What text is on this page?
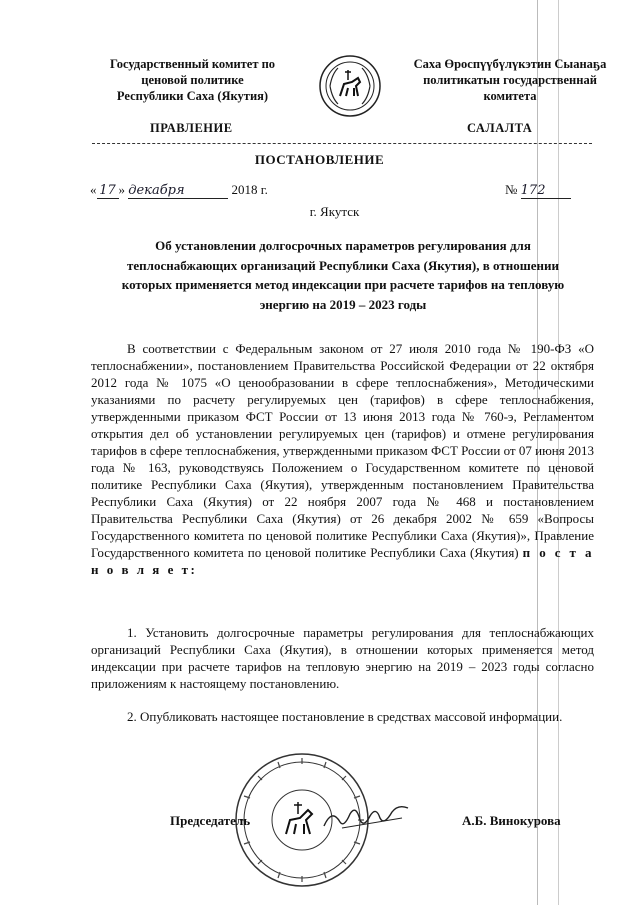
Государственный комитет по
ценовой политике
Республики Саха (Якутия)
Саха Өроспүүбүлүкэтин Сыанаҕа
политикатын государственнай
комитета
ПРАВЛЕНИЕ	САЛАЛТА
ПОСТАНОВЛЕНИЕ
« 17 » декабря	2018 г.	№ 172
г. Якутск
Об установлении долгосрочных параметров регулирования для теплоснабжающих организаций Республики Саха (Якутия), в отношении которых применяется метод индексации при расчете тарифов на тепловую энергию на 2019 – 2023 годы
В соответствии с Федеральным законом от 27 июля 2010 года № 190-ФЗ «О теплоснабжении», постановлением Правительства Российской Федерации от 22 октября 2012 года № 1075 «О ценообразовании в сфере теплоснабжения», Методическими указаниями по расчету регулируемых цен (тарифов) в сфере теплоснабжения, утвержденными приказом ФСТ России от 13 июня 2013 года № 760-э, Регламентом открытия дел об установлении регулируемых цен (тарифов) и отмене регулирования тарифов в сфере теплоснабжения, утвержденными приказом ФСТ России от 07 июня 2013 года № 163, руководствуясь Положением о Государственном комитете по ценовой политике Республики Саха (Якутия), утвержденным постановлением Правительства Республики Саха (Якутия) от 22 ноября 2007 года № 468 и постановлением Правительства Республики Саха (Якутия) от 26 декабря 2002 № 659 «Вопросы Государственного комитета по ценовой политике Республики Саха (Якутия)», Правление Государственного комитета по ценовой политике Республики Саха (Якутия) п о с т а н о в л я е т:
1. Установить долгосрочные параметры регулирования для теплоснабжающих организаций Республики Саха (Якутия), в отношении которых применяется метод индексации при расчете тарифов на тепловую энергию на 2019 – 2023 годы согласно приложениям к настоящему постановлению.
2. Опубликовать настоящее постановление в средствах массовой информации.
Председатель	А.Б. Винокурова
